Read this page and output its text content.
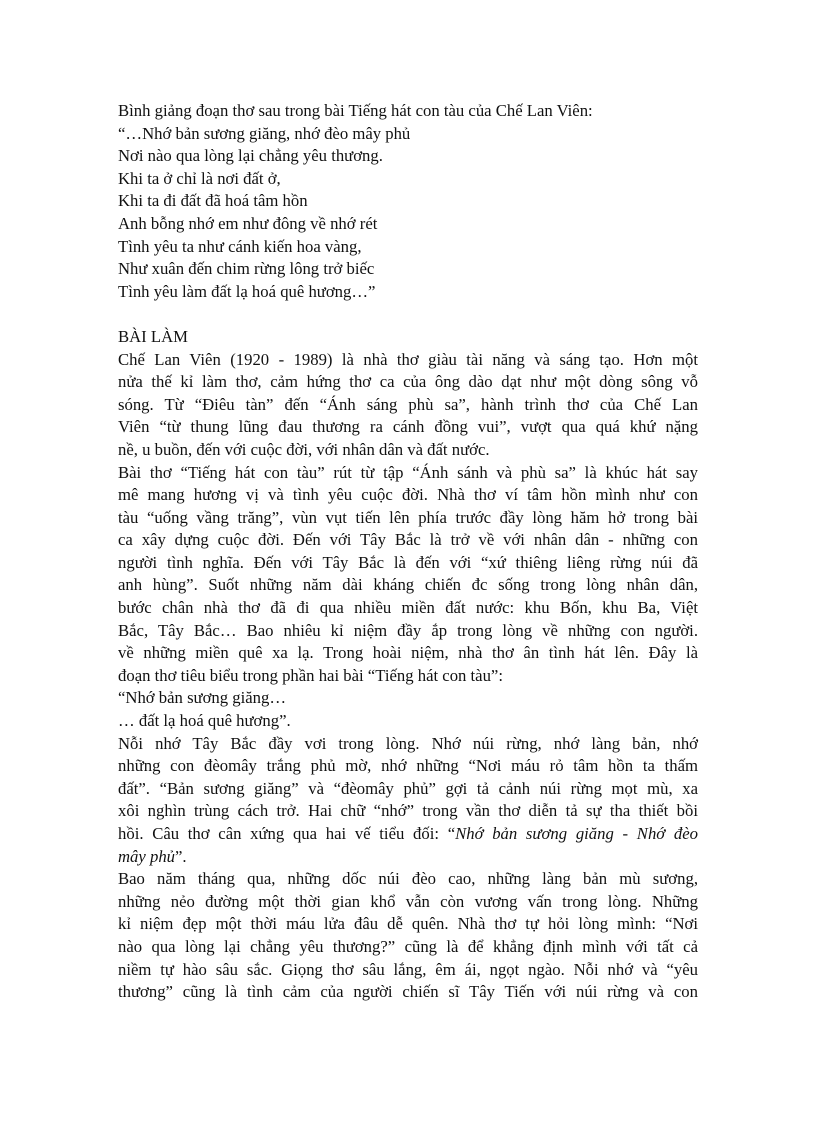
Bình giảng đoạn thơ sau trong bài Tiếng hát con tàu của Chế Lan Viên:

“…Nhớ bản sương giăng, nhớ đèo mây phủ

Nơi nào qua lòng lại chẳng yêu thương.

Khi ta ở chỉ là nơi đất ở,

Khi ta đi đất đã hoá tâm hồn

Anh bỗng nhớ em như đông về nhớ rét

Tình yêu ta như cánh kiến hoa vàng,

Như xuân đến chim rừng lông trở biếc

Tình yêu làm đất lạ hoá quê hương…”

BÀI LÀM

Chế Lan Viên (1920 - 1989) là nhà thơ giàu tài năng và sáng tạo. Hơn một
nửa thế kỉ làm thơ, cảm hứng thơ ca của ông dào dạt như một dòng sông vỗ
sóng. Từ “Điêu tàn” đến “Ánh sáng phù sa”, hành trình thơ của Chế Lan
Viên “từ thung lũng đau thương ra cánh đồng vui”, vượt qua quá khứ nặng
nề, u buồn, đến với cuộc đời, với nhân dân và đất nước.
Bài thơ “Tiếng hát con tàu” rút từ tập “Ánh sánh và phù sa” là khúc hát say
mê mang hương vị và tình yêu cuộc đời. Nhà thơ ví tâm hồn mình như con
tàu “uống vầng trăng”, vùn vụt tiến lên phía trước đầy lòng hăm hở trong bài
ca xây dựng cuộc đời. Đến với Tây Bắc là trở về với nhân dân - những con
người tình nghĩa. Đến với Tây Bắc là đến với “xứ thiêng liêng rừng núi đã
anh hùng”. Suốt những năm dài kháng chiến đc sống trong lòng nhân dân,
bước chân nhà thơ đã đi qua nhiều miền đất nước: khu Bốn, khu Ba, Việt
Bắc, Tây Bắc… Bao nhiêu kỉ niệm đầy ắp trong lòng về những con người.
về những miền quê xa lạ. Trong hoài niệm, nhà thơ ân tình hát lên. Đây là
đoạn thơ tiêu biểu trong phần hai bài “Tiếng hát con tàu”:

“Nhớ bản sương giăng…

… đất lạ hoá quê hương”.

Nỗi nhớ Tây Bắc đầy vơi trong lòng. Nhớ núi rừng, nhớ làng bản, nhớ
những con đèomây trắng phủ mờ, nhớ những “Nơi máu rỏ tâm hồn ta thấm
đất”. “Bản sương giăng” và “đèomây phủ” gợi tả cảnh núi rừng mọt mù, xa
xôi nghìn trùng cách trở. Hai chữ “nhớ” trong vần thơ diễn tả sự tha thiết bồi
hồi. Câu thơ cân xứng qua hai vế tiểu đối: “Nhớ bản sương giăng - Nhớ đèo
mây phủ”.
Bao năm tháng qua, những dốc núi đèo cao, những làng bản mù sương,
những nẻo đường một thời gian khổ vẫn còn vương vấn trong lòng. Những
kỉ niệm đẹp một thời máu lửa đâu dễ quên. Nhà thơ tự hỏi lòng mình: “Nơi
nào qua lòng lại chẳng yêu thương?” cũng là để khẳng định mình với tất cả
niềm tự hào sâu sắc. Giọng thơ sâu lắng, êm ái, ngọt ngào. Nỗi nhớ và “yêu
thương” cũng là tình cảm của người chiến sĩ Tây Tiến với núi rừng và con
